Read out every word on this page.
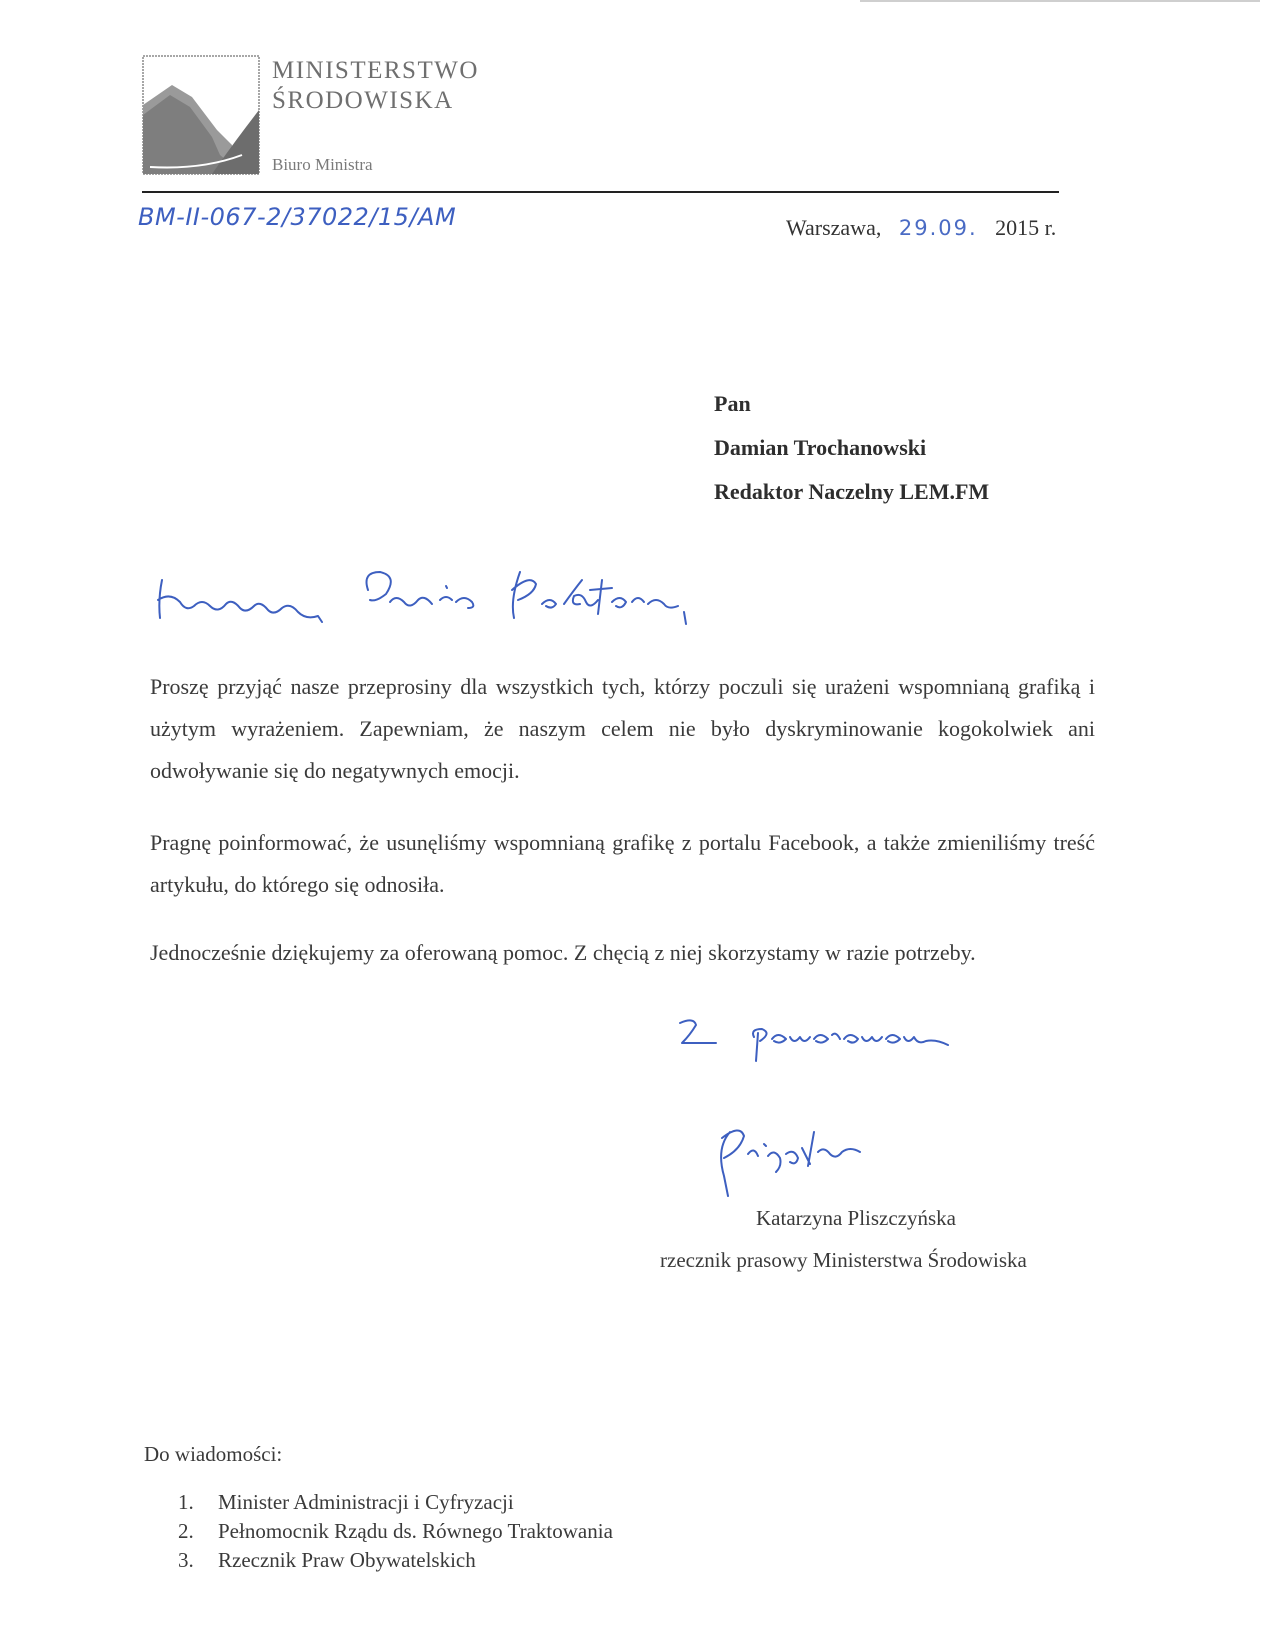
MINISTERSTWO
ŚRODOWISKA
Biuro Ministra
BM-II-067-2/37022/15/AM	Warszawa, 29.09. 2015 r.
Pan
Damian Trochanowski
Redaktor Naczelny LEM.FM
Proszę przyjąć nasze przeprosiny dla wszystkich tych, którzy poczuli się urażeni wspomnianą grafiką i użytym wyrażeniem. Zapewniam, że naszym celem nie było dyskryminowanie kogokolwiek ani odwoływanie się do negatywnych emocji.
Pragnę poinformować, że usunęliśmy wspomnianą grafikę z portalu Facebook, a także zmieniliśmy treść artykułu, do którego się odnosiła.
Jednocześnie dziękujemy za oferowaną pomoc. Z chęcią z niej skorzystamy w razie potrzeby.
Katarzyna Pliszczyńska
rzecznik prasowy Ministerstwa Środowiska
Do wiadomości:
1. Minister Administracji i Cyfryzacji
2. Pełnomocnik Rządu ds. Równego Traktowania
3. Rzecznik Praw Obywatelskich
